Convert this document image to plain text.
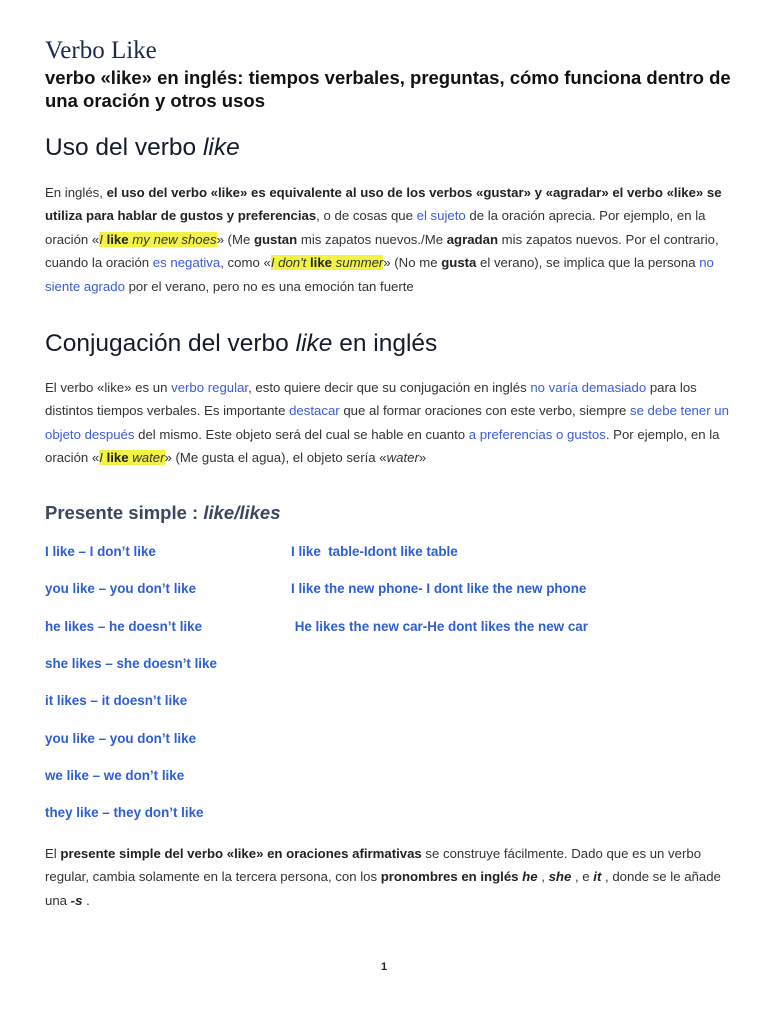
Verbo Like

verbo «like» en inglés: tiempos verbales, preguntas, cómo funciona dentro de una oración y otros usos

Uso del verbo like

En inglés, el uso del verbo «like» es equivalente al uso de los verbos «gustar» y «agradar» el verbo «like» se utiliza para hablar de gustos y preferencias, o de cosas que el sujeto de la oración aprecia. Por ejemplo, en la oración «I like my new shoes» (Me gustan mis zapatos nuevos./Me agradan mis zapatos nuevos. Por el contrario, cuando la oración es negativa, como «I don't like summer» (No me gusta el verano), se implica que la persona no siente agrado por el verano, pero no es una emoción tan fuerte

Conjugación del verbo like en inglés

El verbo «like» es un verbo regular, esto quiere decir que su conjugación en inglés no varía demasiado para los distintos tiempos verbales. Es importante destacar que al formar oraciones con este verbo, siempre se debe tener un objeto después del mismo. Este objeto será del cual se hable en cuanto a preferencias o gustos. Por ejemplo, en la oración «I like water» (Me gusta el agua), el objeto sería «water»

Presente simple : like/likes

I like – I don’t like

you like – you don’t like

he likes – he doesn’t like

she likes – she doesn’t like

it likes – it doesn’t like

you like – you don’t like

we like – we don’t like

they like – they don’t like

I like  table-Idont like table

I like the new phone- I dont like the new phone

He likes the new car-He dont likes the new car

El presente simple del verbo «like» en oraciones afirmativas se construye fácilmente. Dado que es un verbo regular, cambia solamente en la tercera persona, con los pronombres en inglés he , she , e it , donde se le añade una -s .

1
